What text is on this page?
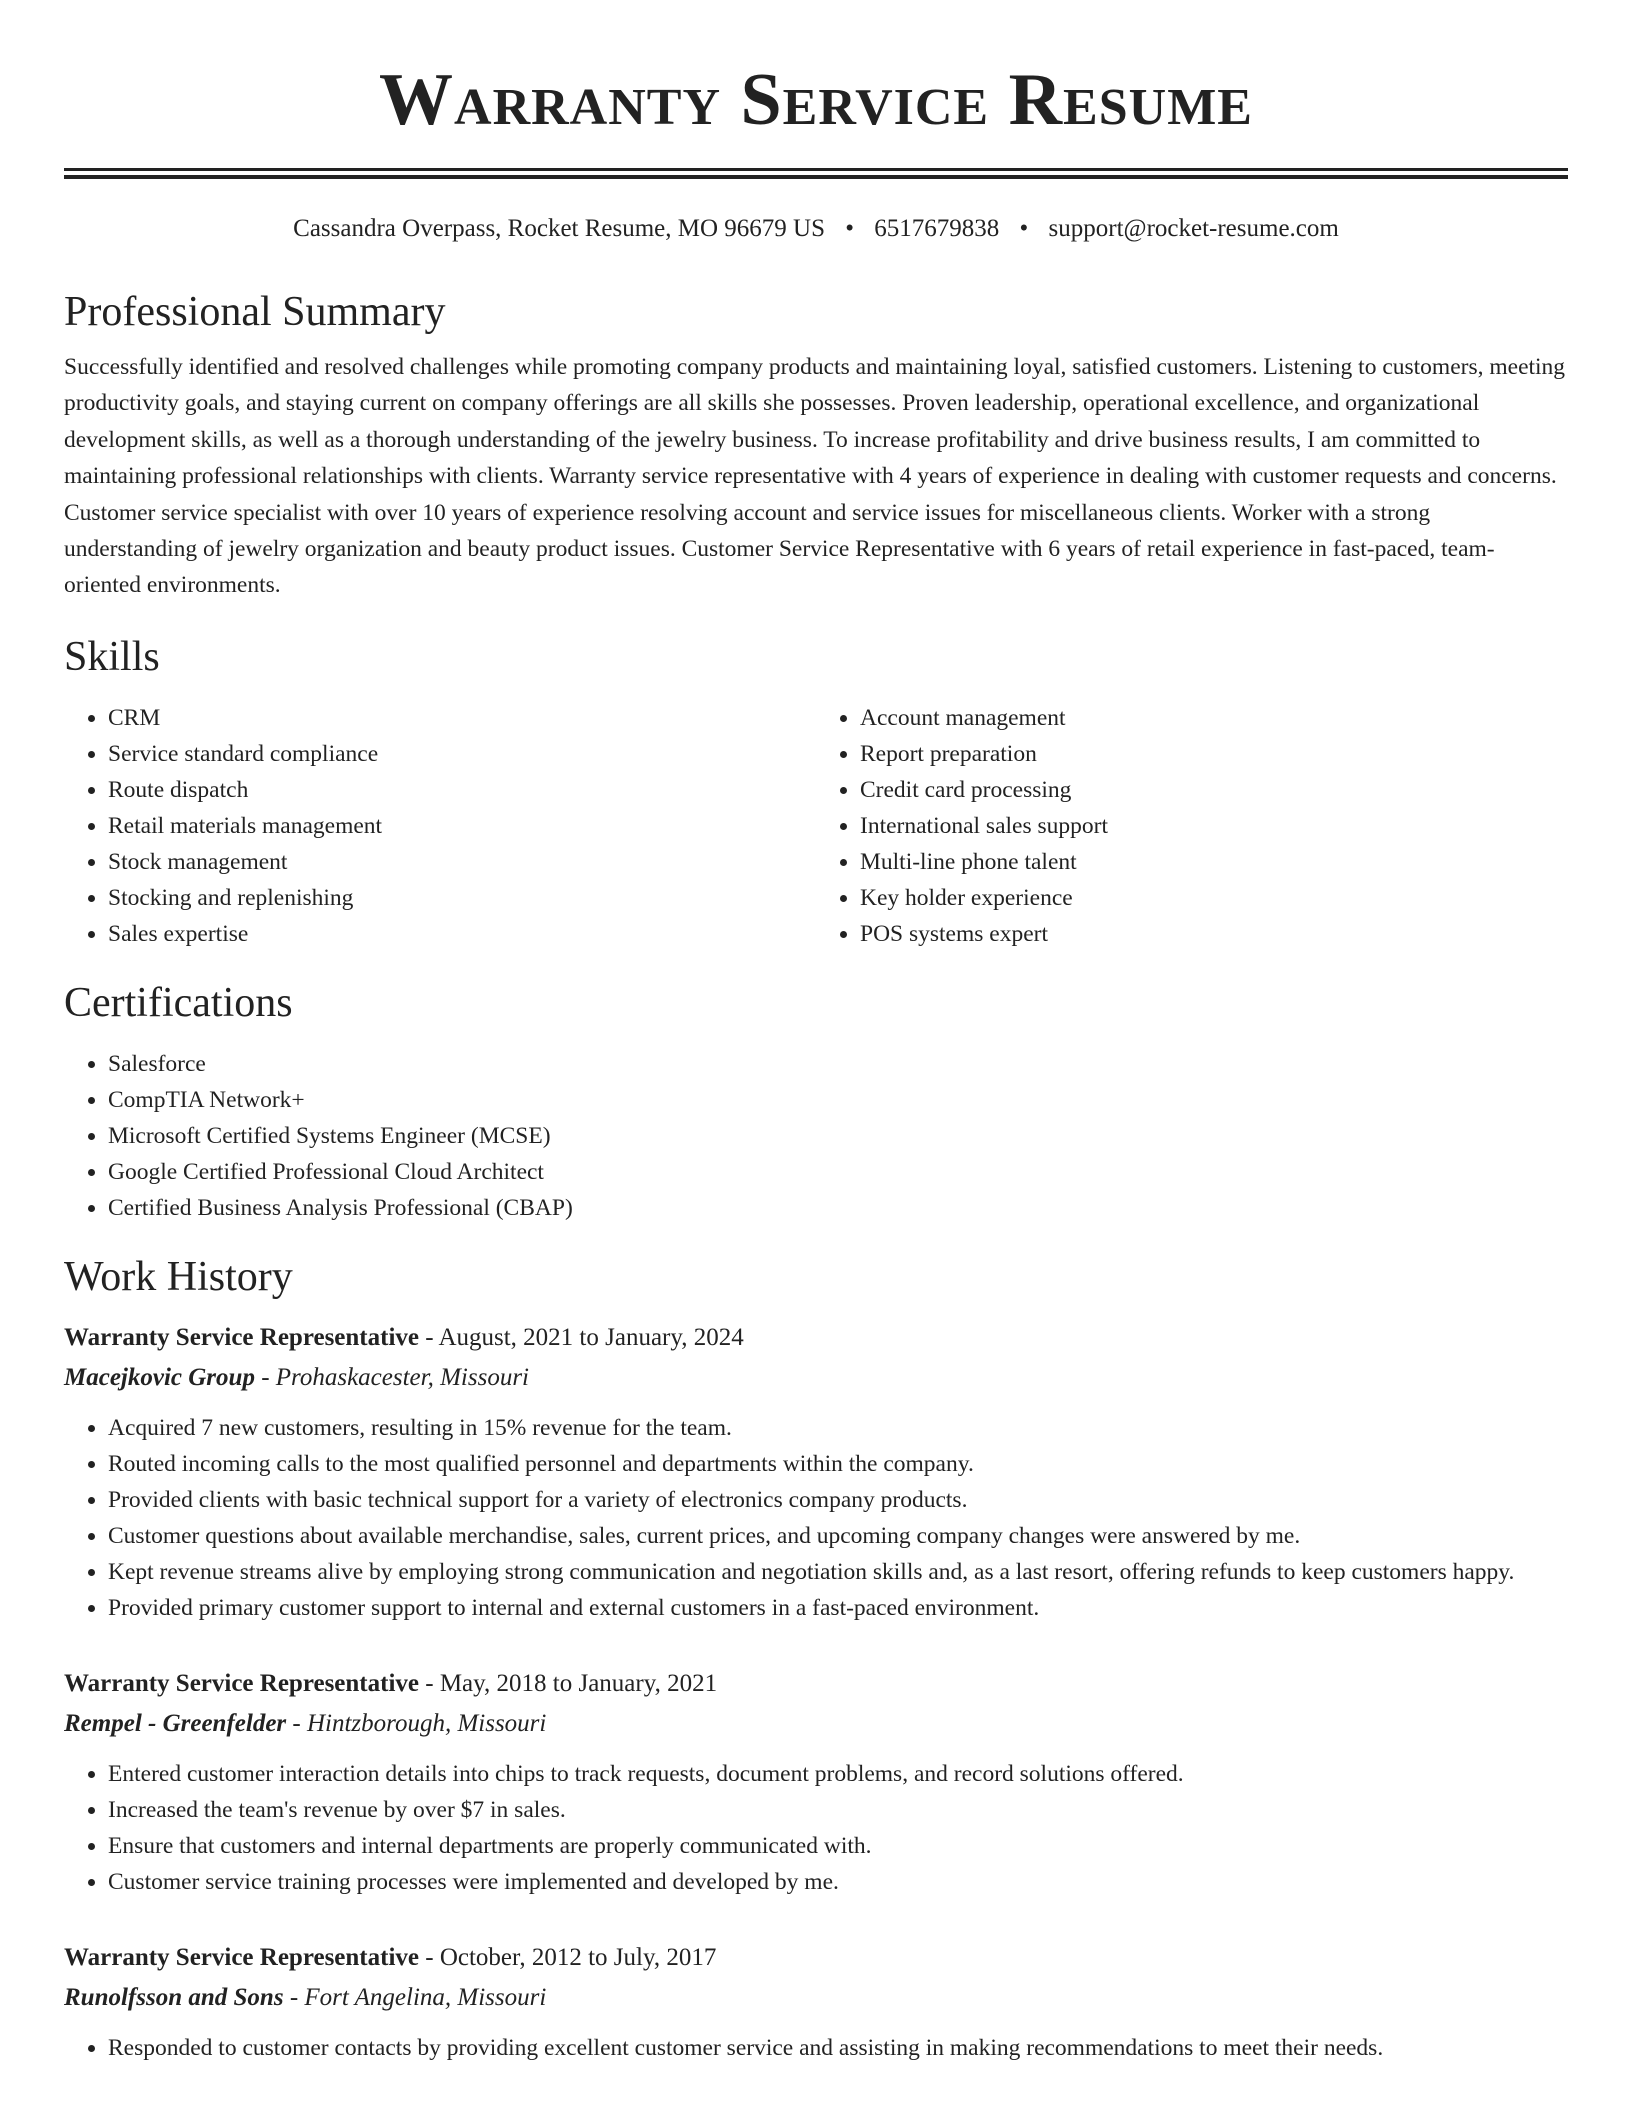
Warranty Service Resume
Cassandra Overpass, Rocket Resume, MO 96679 US • 6517679838 • support@rocket-resume.com
Professional Summary

Successfully identified and resolved challenges while promoting company products and maintaining loyal, satisfied customers. Listening to customers, meeting productivity goals, and staying current on company offerings are all skills she possesses. Proven leadership, operational excellence, and organizational development skills, as well as a thorough understanding of the jewelry business. To increase profitability and drive business results, I am committed to maintaining professional relationships with clients. Warranty service representative with 4 years of experience in dealing with customer requests and concerns. Customer service specialist with over 10 years of experience resolving account and service issues for miscellaneous clients. Worker with a strong understanding of jewelry organization and beauty product issues. Customer Service Representative with 6 years of retail experience in fast-paced, team-oriented environments.

Skills
• CRM
• Service standard compliance
• Route dispatch
• Retail materials management
• Stock management
• Stocking and replenishing
• Sales expertise
• Account management
• Report preparation
• Credit card processing
• International sales support
• Multi-line phone talent
• Key holder experience
• POS systems expert
Certifications
• Salesforce
• CompTIA Network+
• Microsoft Certified Systems Engineer (MCSE)
• Google Certified Professional Cloud Architect
• Certified Business Analysis Professional (CBAP)
Work History
Warranty Service Representative - August, 2021 to January, 2024
Macejkovic Group - Prohaskacester, Missouri
• Acquired 7 new customers, resulting in 15% revenue for the team.
• Routed incoming calls to the most qualified personnel and departments within the company.
• Provided clients with basic technical support for a variety of electronics company products.
• Customer questions about available merchandise, sales, current prices, and upcoming company changes were answered by me.
• Kept revenue streams alive by employing strong communication and negotiation skills and, as a last resort, offering refunds to keep customers happy.
• Provided primary customer support to internal and external customers in a fast-paced environment.
Warranty Service Representative - May, 2018 to January, 2021
Rempel - Greenfelder - Hintzborough, Missouri
• Entered customer interaction details into chips to track requests, document problems, and record solutions offered.
• Increased the team's revenue by over $7 in sales.
• Ensure that customers and internal departments are properly communicated with.
• Customer service training processes were implemented and developed by me.
Warranty Service Representative - October, 2012 to July, 2017
Runolfsson and Sons - Fort Angelina, Missouri
• Responded to customer contacts by providing excellent customer service and assisting in making recommendations to meet their needs.
